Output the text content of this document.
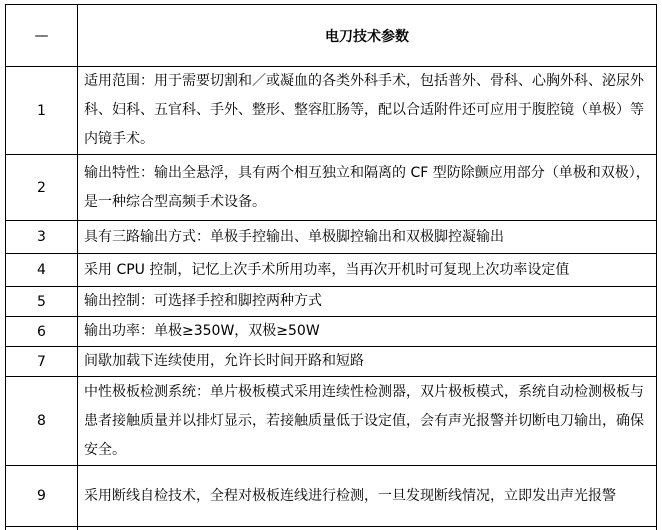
—	电刀技术参数
1	适用范围：用于需要切割和／或凝血的各类外科手术，包括普外、骨科、心胸外科、泌尿外科、妇科、五官科、手外、整形、整容肛肠等，配以合适附件还可应用于腹腔镜（单极）等内镜手术。
2	输出特性：输出全悬浮，具有两个相互独立和隔离的 CF 型防除颤应用部分（单极和双极），是一种综合型高频手术设备。
3	具有三路输出方式：单极手控输出、单极脚控输出和双极脚控凝输出
4	采用 CPU 控制，记忆上次手术所用功率，当再次开机时可复现上次功率设定值
5	输出控制：可选择手控和脚控两种方式
6	输出功率：单极≥350W，双极≥50W
7	间歇加载下连续使用，允许长时间开路和短路
8	中性极板检测系统：单片极板模式采用连续性检测器，双片极板模式，系统自动检测极板与患者接触质量并以排灯显示，若接触质量低于设定值，会有声光报警并切断电刀输出，确保安全。
9	采用断线自检技术，全程对极板连线进行检测，一旦发现断线情况，立即发出声光报警
